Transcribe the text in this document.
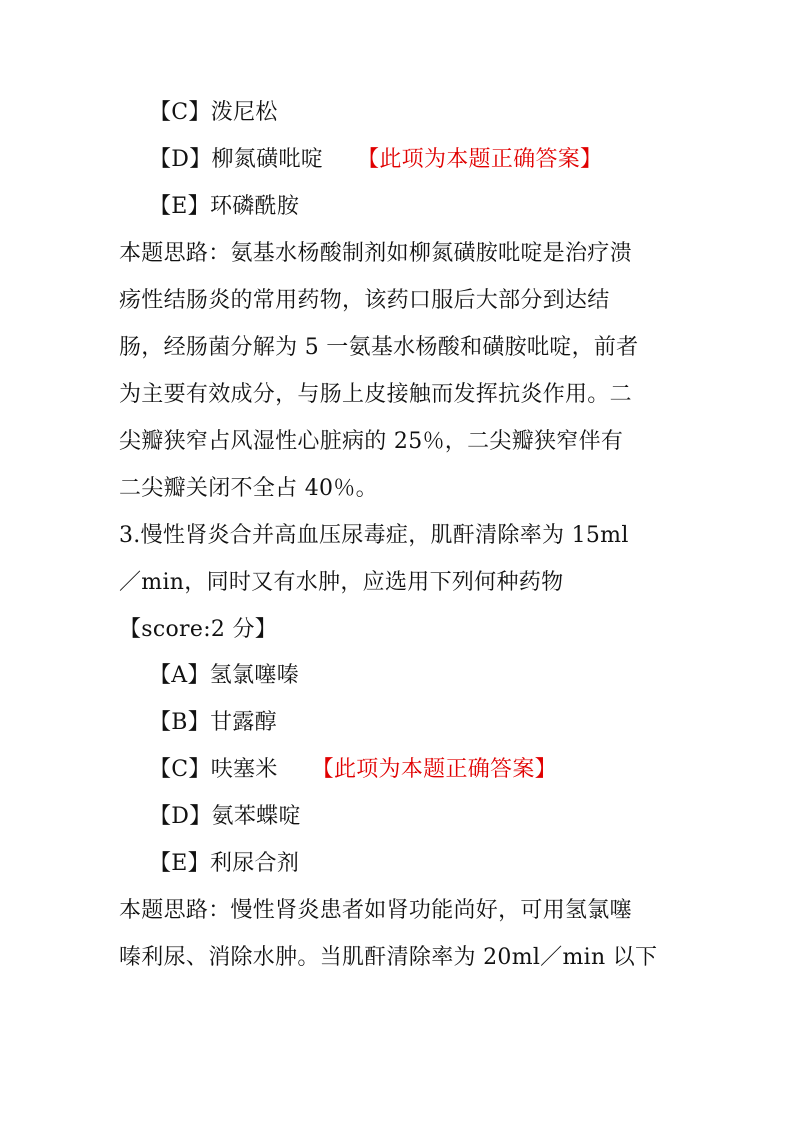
【C】泼尼松
【D】柳氮磺吡啶 【此项为本题正确答案】
【E】环磷酰胺
本题思路：氨基水杨酸制剂如柳氮磺胺吡啶是治疗溃
疡性结肠炎的常用药物，该药口服后大部分到达结
肠，经肠菌分解为 5 一氨基水杨酸和磺胺吡啶，前者
为主要有效成分，与肠上皮接触而发挥抗炎作用。二
尖瓣狭窄占风湿性心脏病的 25％，二尖瓣狭窄伴有
二尖瓣关闭不全占 40％。
3.慢性肾炎合并高血压尿毒症，肌酐清除率为 15ml
／min，同时又有水肿，应选用下列何种药物
【score:2 分】
【A】氢氯噻嗪
【B】甘露醇
【C】呋塞米 【此项为本题正确答案】
【D】氨苯蝶啶
【E】利尿合剂
本题思路：慢性肾炎患者如肾功能尚好，可用氢氯噻
嗪利尿、消除水肿。当肌酐清除率为 20ml／min 以下
